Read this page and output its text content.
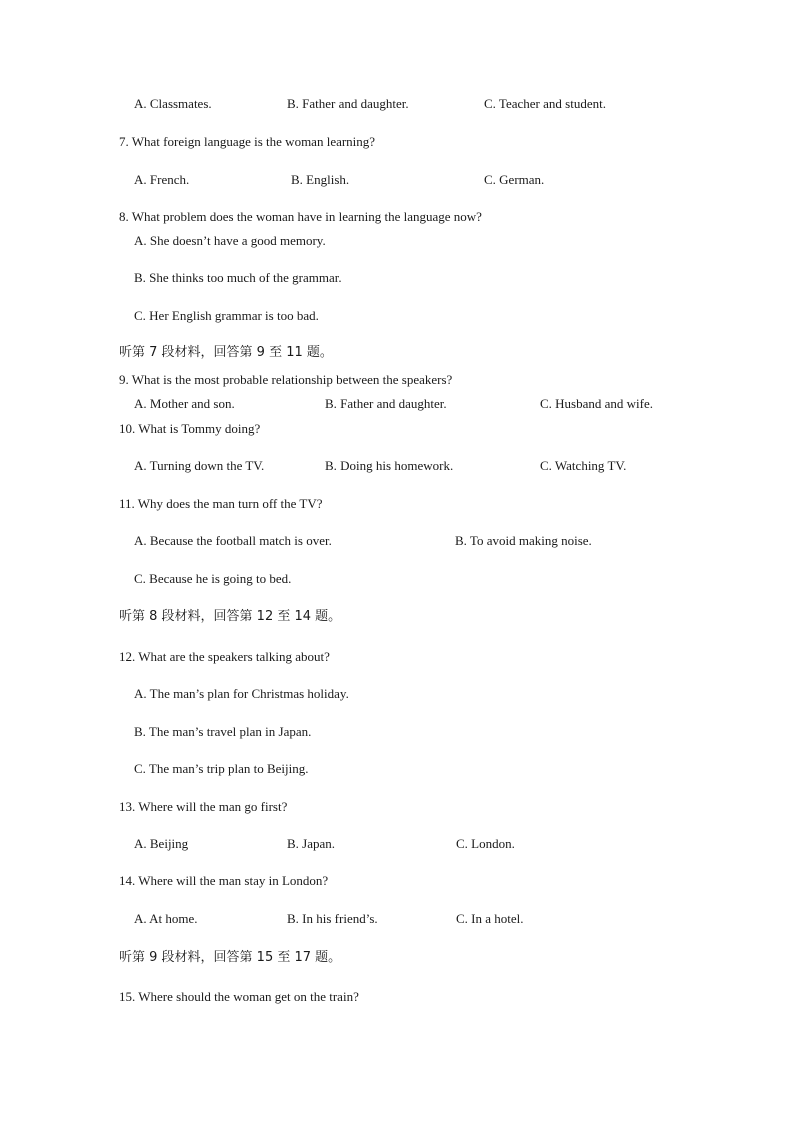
A. Classmates.	B. Father and daughter.	C. Teacher and student.
7. What foreign language is the woman learning?
A. French.	B. English.	C. German.
8. What problem does the woman have in learning the language now?
A. She doesn’t have a good memory.
B. She thinks too much of the grammar.
C. Her English grammar is too bad.
听第 7 段材料，回答第 9 至 11 题。
9. What is the most probable relationship between the speakers?
A. Mother and son.	B. Father and daughter.	C. Husband and wife.
10. What is Tommy doing?
A. Turning down the TV.	B. Doing his homework.	C. Watching TV.
11. Why does the man turn off the TV?
A. Because the football match is over.	B. To avoid making noise.
C. Because he is going to bed.
听第 8 段材料，回答第 12 至 14 题。
12. What are the speakers talking about?
A. The man’s plan for Christmas holiday.
B. The man’s travel plan in Japan.
C. The man’s trip plan to Beijing.
13. Where will the man go first?
A. Beijing	B. Japan.	C. London.
14. Where will the man stay in London?
A. At home.	B. In his friend’s.	C. In a hotel.
听第 9 段材料，回答第 15 至 17 题。
15. Where should the woman get on the train?
